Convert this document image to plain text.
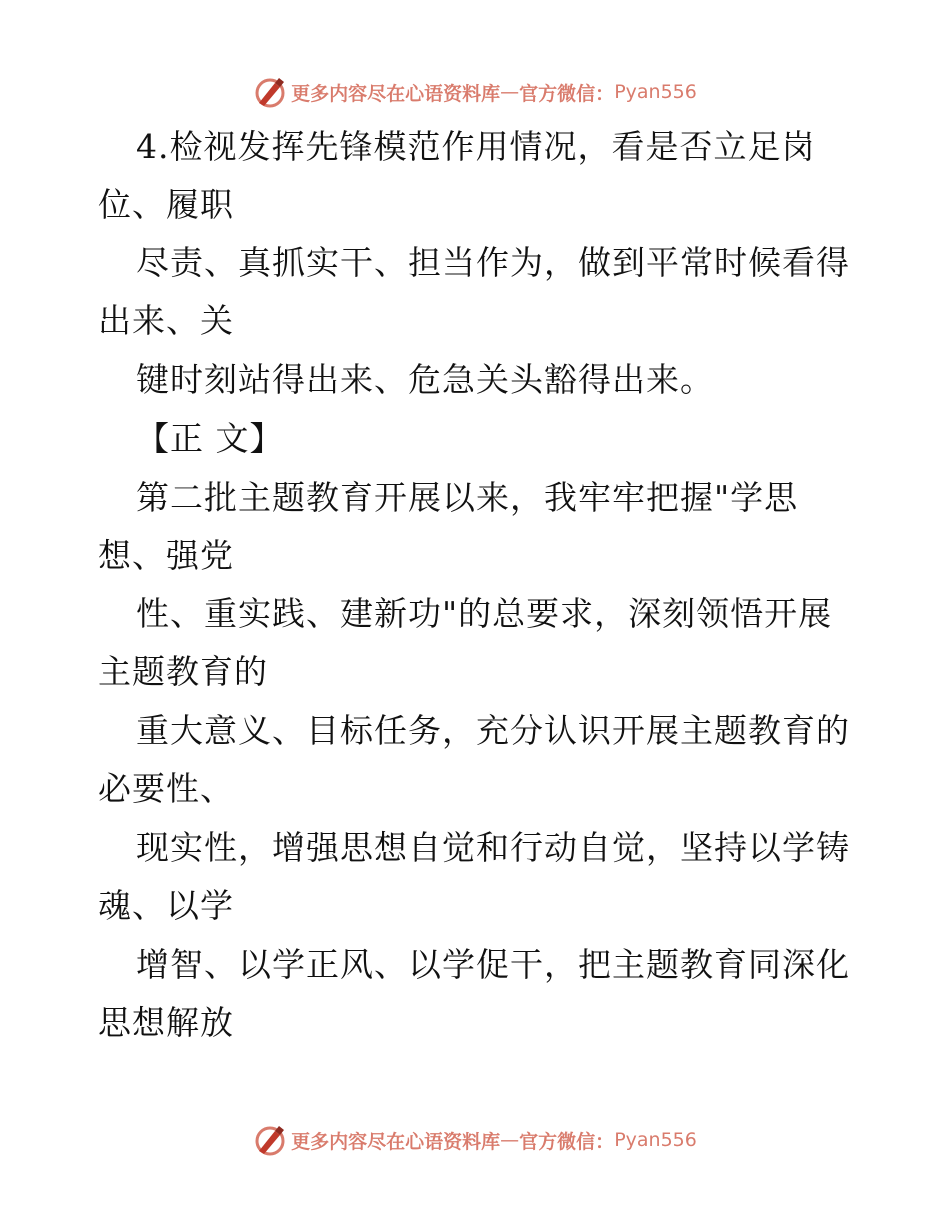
更多内容尽在心语资料库 — 官方微信： Pyan556
4.检视发挥先锋模范作用情况，看是否立足岗
位、履职
尽责、真抓实干、担当作为，做到平常时候看得
出来、关
键时刻站得出来、危急关头豁得出来。
【正 文】
第二批主题教育开展以来，我牢牢把握"学思
想、强党
性、重实践、建新功"的总要求，深刻领悟开展
主题教育的
重大意义、目标任务，充分认识开展主题教育的
必要性、
现实性，增强思想自觉和行动自觉，坚持以学铸
魂、以学
增智、以学正风、以学促干，把主题教育同深化
思想解放
更多内容尽在心语资料库 — 官方微信： Pyan556
